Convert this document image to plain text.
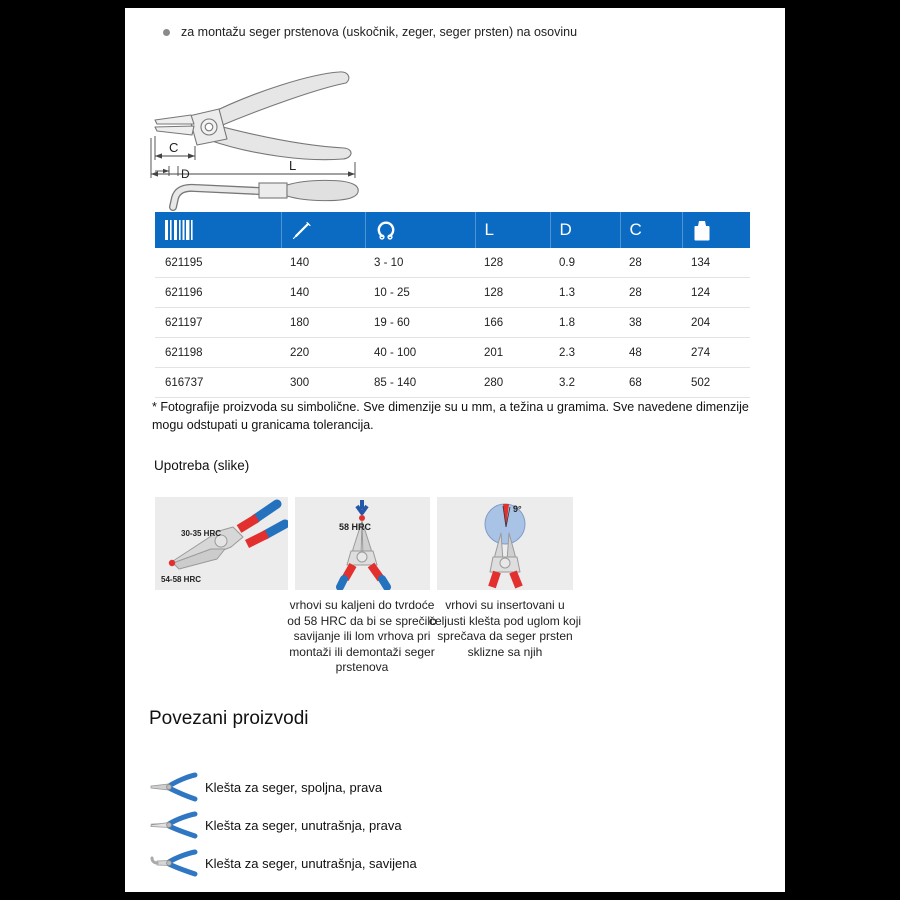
za montažu seger prstenova (uskočnik, zeger, seger prsten) na osovinu
C
L
D
			L	D	C	
621195	140	3 - 10	128	0.9	28	134
621196	140	10 - 25	128	1.3	28	124
621197	180	19 - 60	166	1.8	38	204
621198	220	40 - 100	201	2.3	48	274
616737	300	85 - 140	280	3.2	68	502
* Fotografije proizvoda su simbolične. Sve dimenzije su u mm, a težina u gramima. Sve navedene dimenzije mogu odstupati u granicama tolerancija.
Upotreba (slike)
30-35 HRC
54-58 HRC
58 HRC
9°
vrhovi su kaljeni do tvrdoće od 58 HRC da bi se sprečilo savijanje ili lom vrhova pri montaži ili demontaži seger prstenova
vrhovi su insertovani u čeljusti klešta pod uglom koji sprečava da seger prsten sklizne sa njih
Povezani proizvodi
Klešta za seger, spoljna, prava
Klešta za seger, unutrašnja, prava
Klešta za seger, unutrašnja, savijena
